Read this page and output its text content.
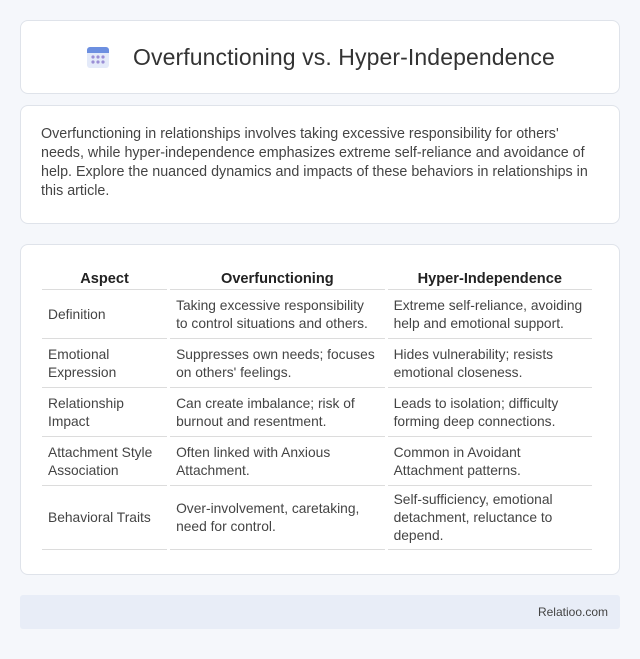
Overfunctioning vs. Hyper-Independence

Overfunctioning in relationships involves taking excessive responsibility for others' needs, while hyper-independence emphasizes extreme self-reliance and avoidance of help. Explore the nuanced dynamics and impacts of these behaviors in relationships in this article.

Aspect	Overfunctioning	Hyper-Independence
Definition	Taking excessive responsibility to control situations and others.	Extreme self-reliance, avoiding help and emotional support.
Emotional Expression	Suppresses own needs; focuses on others' feelings.	Hides vulnerability; resists emotional closeness.
Relationship Impact	Can create imbalance; risk of burnout and resentment.	Leads to isolation; difficulty forming deep connections.
Attachment Style Association	Often linked with Anxious Attachment.	Common in Avoidant Attachment patterns.
Behavioral Traits	Over-involvement, caretaking, need for control.	Self-sufficiency, emotional detachment, reluctance to depend.
Relatioo.com
